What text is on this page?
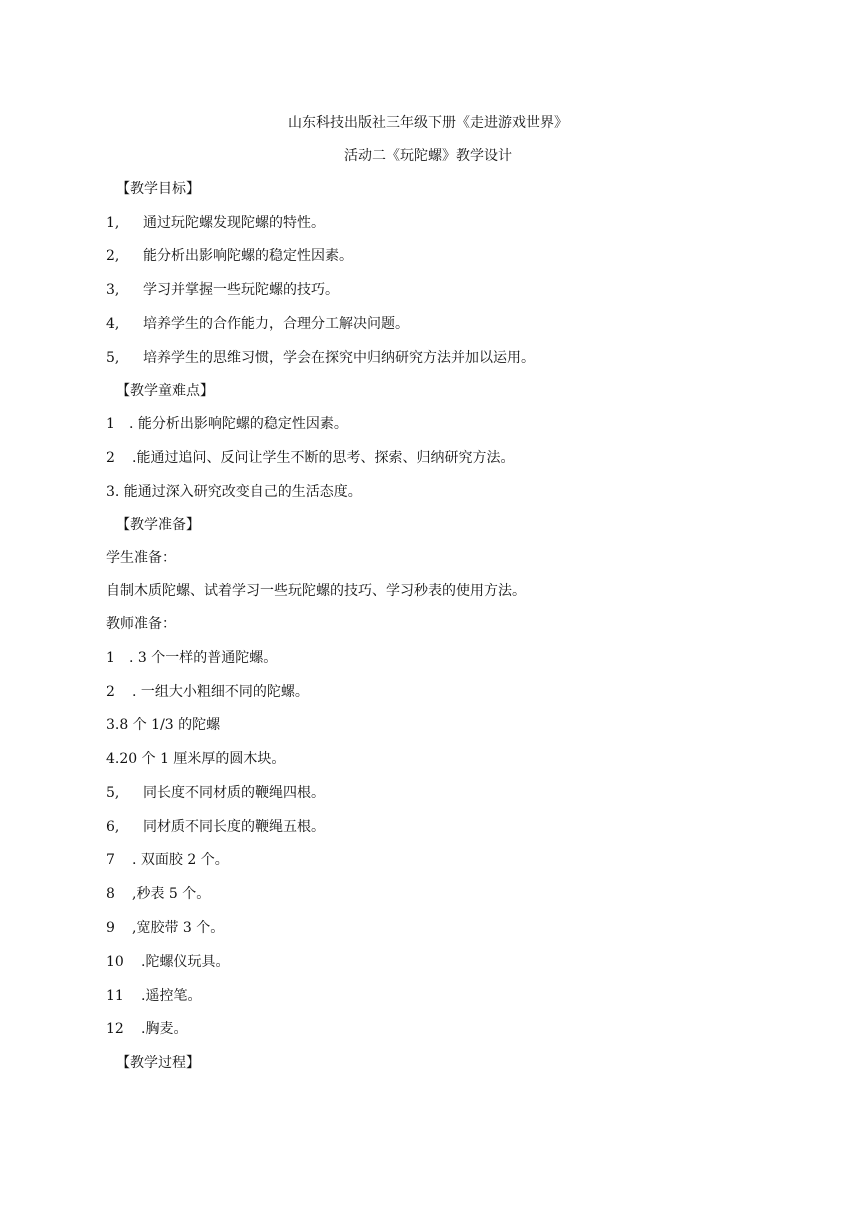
山东科技出版社三年级下册《走进游戏世界》
活动二《玩陀螺》教学设计
【教学目标】
1, 通过玩陀螺发现陀螺的特性。
2, 能分析出影响陀螺的稳定性因素。
3, 学习并掌握一些玩陀螺的技巧。
4, 培养学生的合作能力，合理分工解决问题。
5, 培养学生的思维习惯，学会在探究中归纳研究方法并加以运用。
【教学童难点】
1 . 能分析出影响陀螺的稳定性因素。
2 .能通过追问、反问让学生不断的思考、探索、归纳研究方法。
3. 能通过深入研究改变自己的生活态度。
【教学准备】
学生准备：
自制木质陀螺、试着学习一些玩陀螺的技巧、学习秒表的使用方法。
教师准备：
1 . 3 个一样的普通陀螺。
2 . 一组大小粗细不同的陀螺。
3.8 个 1/3 的陀螺
4.20 个 1 厘米厚的圆木块。
5, 同长度不同材质的鞭绳四根。
6, 同材质不同长度的鞭绳五根。
7 . 双面胶 2 个。
8 ,秒表 5 个。
9 ,宽胶带 3 个。
10 .陀螺仪玩具。
11 .遥控笔。
12 .胸麦。
【教学过程】
